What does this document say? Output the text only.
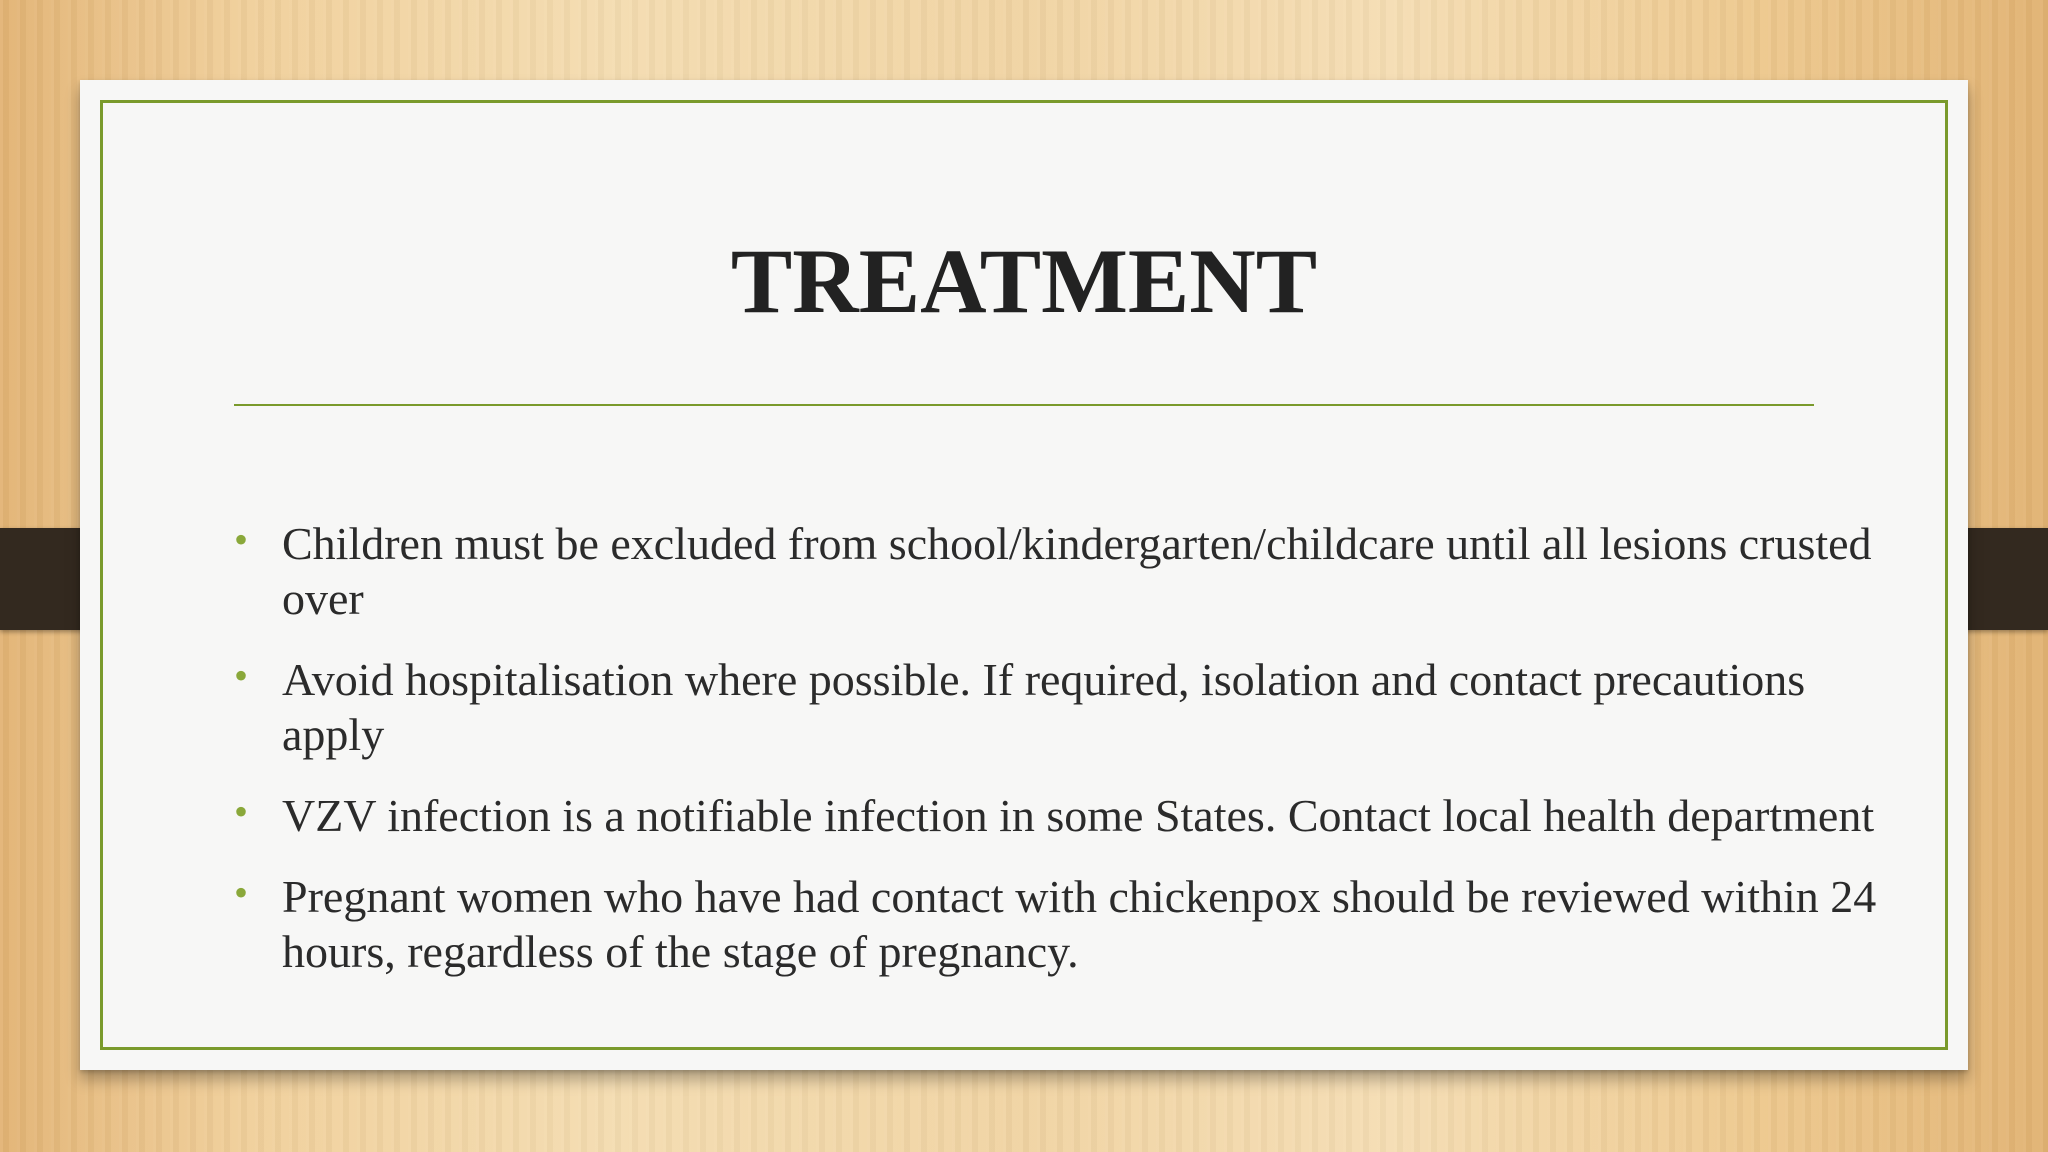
TREATMENT
• Children must be excluded from school/kindergarten/childcare until all lesions crusted over
• Avoid hospitalisation where possible. If required, isolation and contact precautions apply
• VZV infection is a notifiable infection in some States. Contact local health department
• Pregnant women who have had contact with chickenpox should be reviewed within 24 hours, regardless of the stage of pregnancy.
